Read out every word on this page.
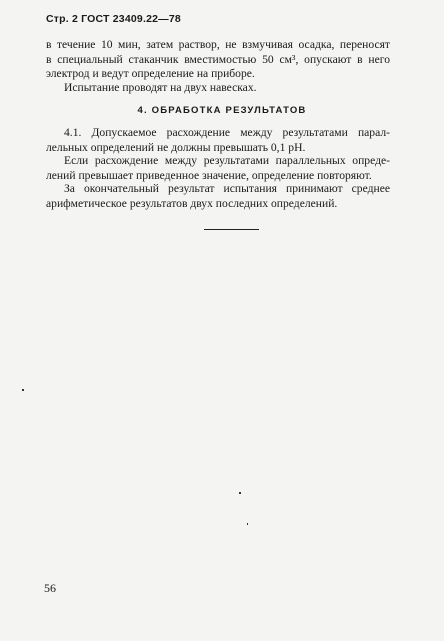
Стр. 2 ГОСТ 23409.22—78
в течение 10 мин, затем раствор, не взмучивая осадка, переносят
в специальный стаканчик вместимостью 50 см³, опускают в него
электрод и ведут определение на приборе.
Испытание проводят на двух навесках.
4. ОБРАБОТКА РЕЗУЛЬТАТОВ
4.1. Допускаемое расхождение между результатами парал-
лельных определений не должны превышать 0,1 pH.
Если расхождение между результатами параллельных опреде-
лений превышает приведенное значение, определение повторяют.
За окончательный результат испытания принимают среднее
арифметическое результатов двух последних определений.
56
